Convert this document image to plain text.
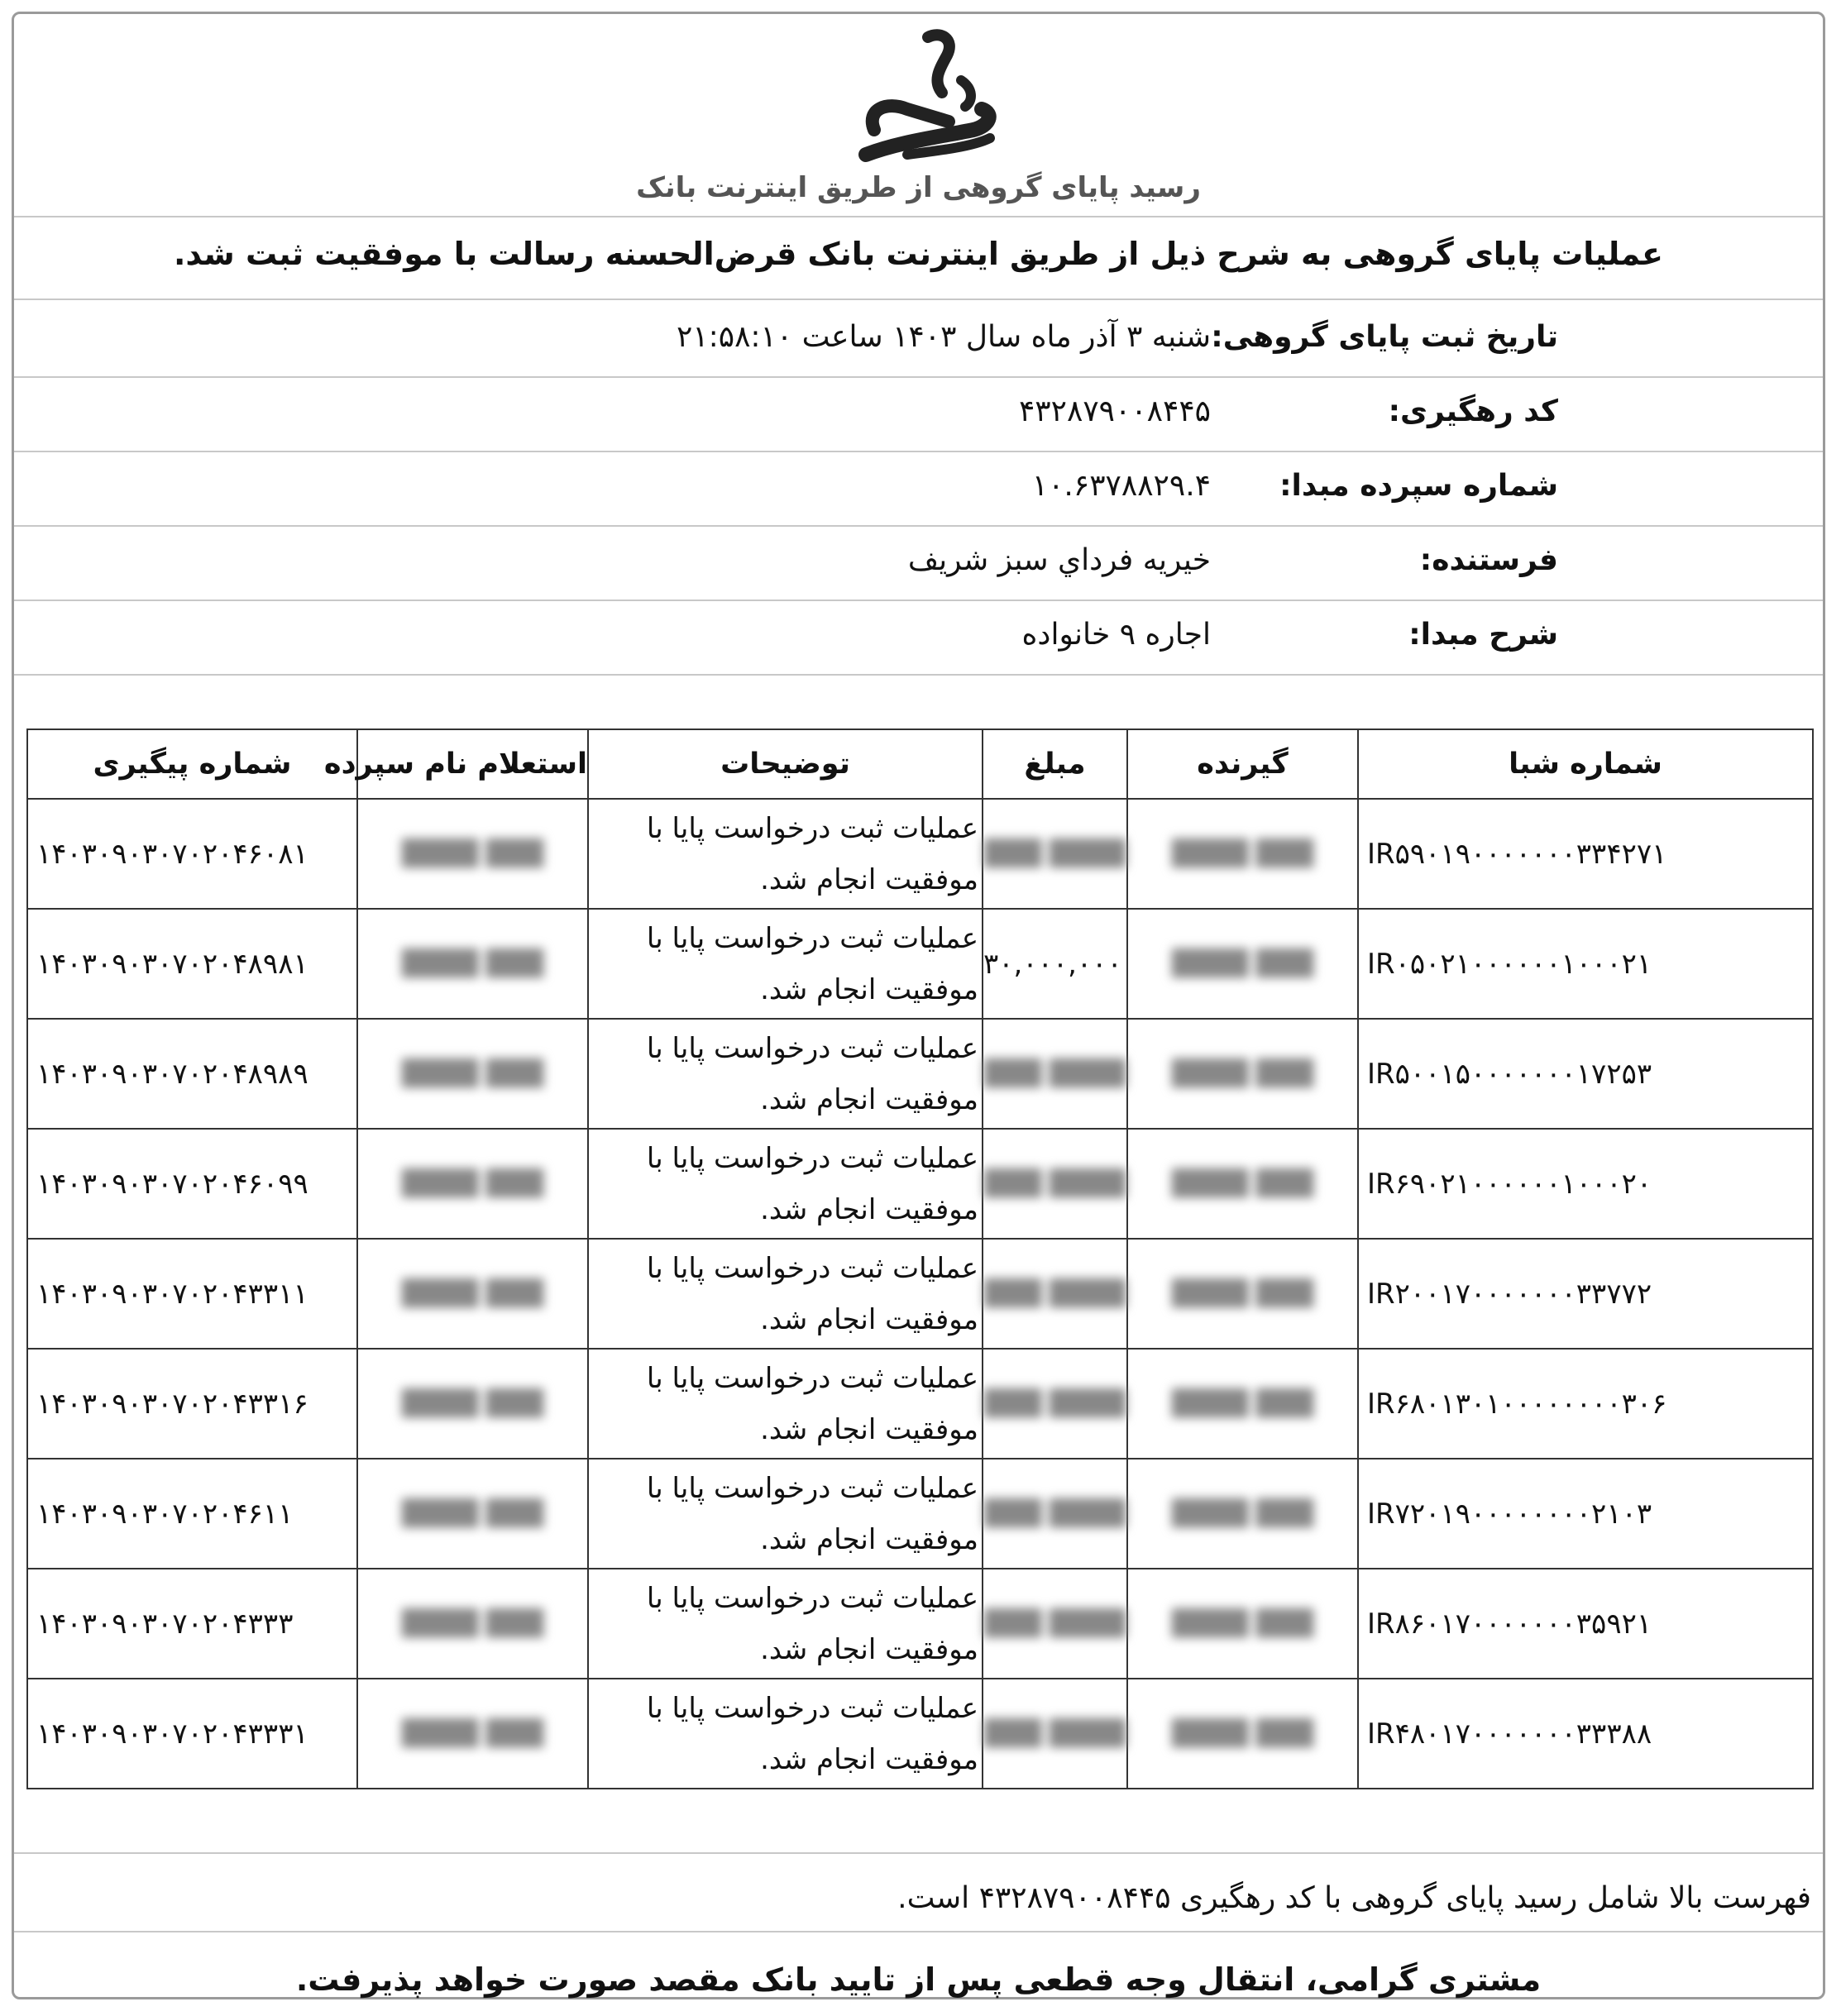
رسید پایای گروهی از طریق اینترنت بانک
عملیات پایای گروهی به شرح ذیل از طریق اینترنت بانک قرض‌الحسنه رسالت با موفقیت ثبت شد.
تاریخ ثبت پایای گروهی:
شنبه ۳ آذر ماه سال ۱۴۰۳ ساعت ۲۱:۵۸:۱۰
کد رهگیری:
۴۳۲۸۷۹۰۰۸۴۴۵
شماره سپرده مبدا:
۱۰.۶۳۷۸۸۲۹.۴
فرستنده:
خیریه فرداي سبز شریف
شرح مبدا:
اجاره ۹ خانواده
شماره شبا	گیرنده	مبلغ	توضیحات	استعلام نام سپرده	شماره پیگیری
IR۵۹۰۱۹۰۰۰۰۰۰۰۳۳۴۲۷۱	███ ████	███ ████	عملیات ثبت درخواست پایا با موفقیت انجام شد.	███ ████	۱۴۰۳۰۹۰۳۰۷۰۲۰۴۶۰۸۱
IR۰۵۰۲۱۰۰۰۰۰۰۱۰۰۰۲۱	███ ████	۳۰,۰۰۰,۰۰۰	عملیات ثبت درخواست پایا با موفقیت انجام شد.	███ ████	۱۴۰۳۰۹۰۳۰۷۰۲۰۴۸۹۸۱
IR۵۰۰۱۵۰۰۰۰۰۰۰۱۷۲۵۳	███ ████	███ ████	عملیات ثبت درخواست پایا با موفقیت انجام شد.	███ ████	۱۴۰۳۰۹۰۳۰۷۰۲۰۴۸۹۸۹
IR۶۹۰۲۱۰۰۰۰۰۰۱۰۰۰۲۰	███ ████	███ ████	عملیات ثبت درخواست پایا با موفقیت انجام شد.	███ ████	۱۴۰۳۰۹۰۳۰۷۰۲۰۴۶۰۹۹
IR۲۰۰۱۷۰۰۰۰۰۰۰۳۳۷۷۲	███ ████	███ ████	عملیات ثبت درخواست پایا با موفقیت انجام شد.	███ ████	۱۴۰۳۰۹۰۳۰۷۰۲۰۴۳۳۱۱
IR۶۸۰۱۳۰۱۰۰۰۰۰۰۰۰۳۰۶	███ ████	███ ████	عملیات ثبت درخواست پایا با موفقیت انجام شد.	███ ████	۱۴۰۳۰۹۰۳۰۷۰۲۰۴۳۳۱۶
IR۷۲۰۱۹۰۰۰۰۰۰۰۰۲۱۰۳	███ ████	███ ████	عملیات ثبت درخواست پایا با موفقیت انجام شد.	███ ████	۱۴۰۳۰۹۰۳۰۷۰۲۰۴۶۱۱
IR۸۶۰۱۷۰۰۰۰۰۰۰۳۵۹۲۱	███ ████	███ ████	عملیات ثبت درخواست پایا با موفقیت انجام شد.	███ ████	۱۴۰۳۰۹۰۳۰۷۰۲۰۴۳۳۳
IR۴۸۰۱۷۰۰۰۰۰۰۰۳۳۳۸۸	███ ████	███ ████	عملیات ثبت درخواست پایا با موفقیت انجام شد.	███ ████	۱۴۰۳۰۹۰۳۰۷۰۲۰۴۳۳۳۱
فهرست بالا شامل رسید پایای گروهی با کد رهگیری ۴۳۲۸۷۹۰۰۸۴۴۵ است.
مشتری گرامی، انتقال وجه قطعی پس از تایید بانک مقصد صورت خواهد پذیرفت.
